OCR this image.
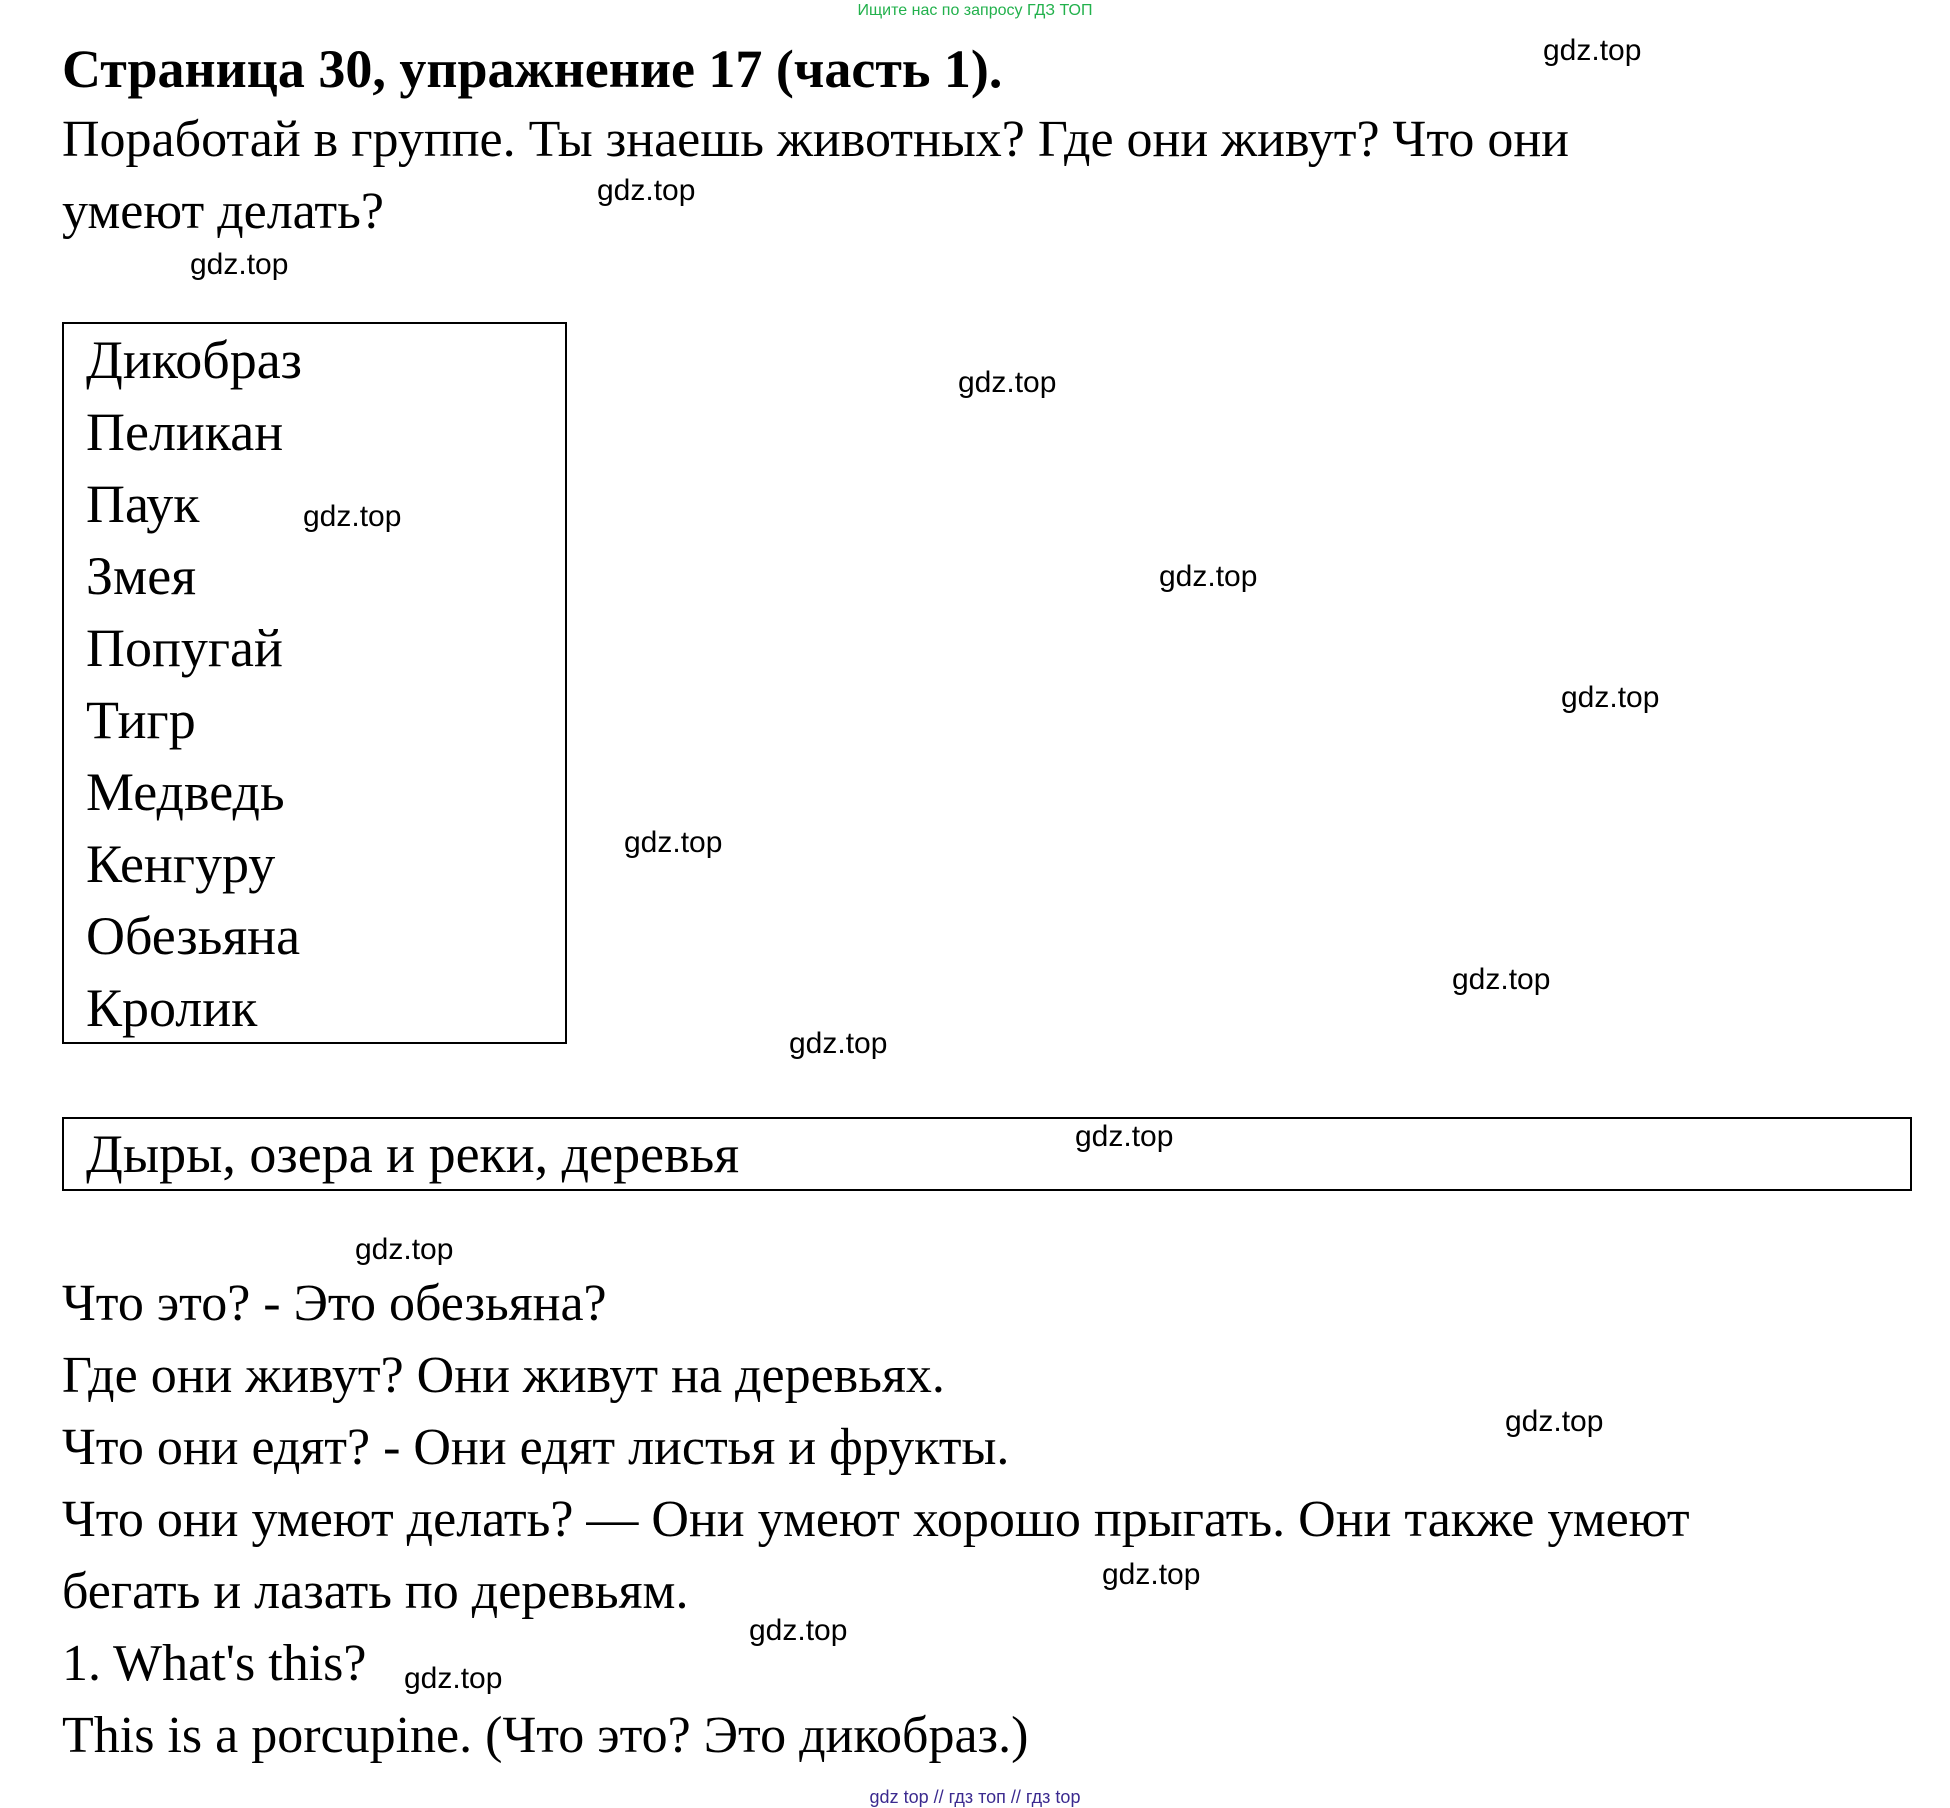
Ищите нас по запросу ГДЗ ТОП
Страница 30, упражнение 17 (часть 1).
Поработай в группе. Ты знаешь животных? Где они живут? Что они
умеют делать?
Дикобраз
Пеликан
Паук
Змея
Попугай
Тигр
Медведь
Кенгуру
Обезьяна
Кролик
Дыры, озера и реки, деревья
Что это? - Это обезьяна?
Где они живут? Они живут на деревьях.
Что они едят? - Они едят листья и фрукты.
Что они умеют делать? — Они умеют хорошо прыгать. Они также умеют
бегать и лазать по деревьям.
1. What's this?
This is a porcupine. (Что это? Это дикобраз.)
gdz.top
gdz.top
gdz.top
gdz.top
gdz.top
gdz.top
gdz.top
gdz.top
gdz.top
gdz.top
gdz.top
gdz.top
gdz.top
gdz.top
gdz.top
gdz.top
gdz top // гдз топ // гдз top
